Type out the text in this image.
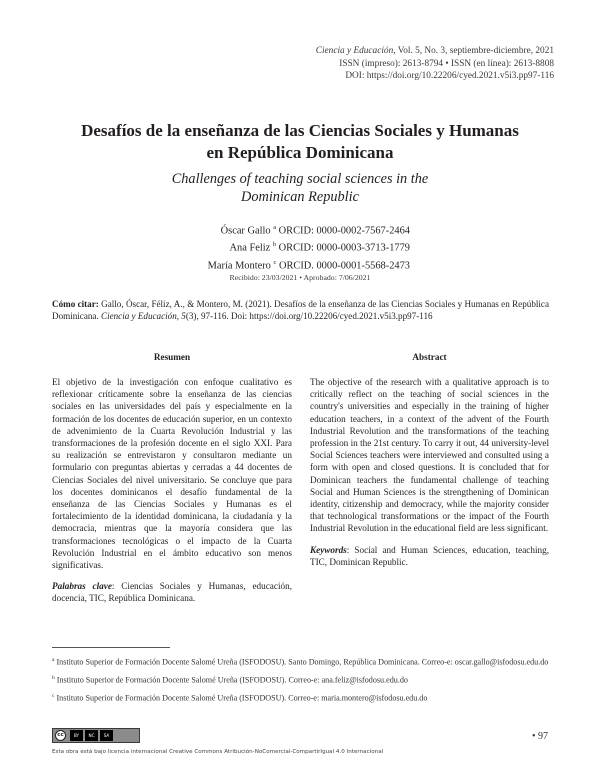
Ciencia y Educación, Vol. 5, No. 3, septiembre-diciembre, 2021
ISSN (impreso): 2613-8794 • ISSN (en línea): 2613-8808
DOI: https://doi.org/10.22206/cyed.2021.v5i3.pp97-116
Desafíos de la enseñanza de las Ciencias Sociales y Humanas
en República Dominicana
Challenges of teaching social sciences in the
Dominican Republic
Óscar Gallo $^a$ ORCID: 0000-0002-7567-2464
Ana Feliz $^b$ ORCID: 0000-0003-3713-1779
María Montero $^c$ ORCID. 0000-0001-5568-2473
Recibido: 23/03/2021 • Aprobado: 7/06/2021
Cómo citar: Gallo, Óscar, Féliz, A., & Montero, M. (2021). Desafíos de la enseñanza de las Ciencias Sociales y Humanas en República Dominicana. Ciencia y Educación, 5(3), 97-116. Doi: https://doi.org/10.22206/cyed.2021.v5i3.pp97-116
Resumen	Abstract

El objetivo de la investigación con enfoque cualitativo es reflexionar críticamente sobre la enseñanza de las ciencias sociales en las universidades del país y especialmente en la formación de los docentes de educación superior, en un contexto de advenimiento de la Cuarta Revolución Industrial y las transformaciones de la profesión docente en el siglo XXI. Para su realización se entrevistaron y consultaron mediante un formulario con preguntas abiertas y cerradas a 44 docentes de Ciencias Sociales del nivel universitario. Se concluye que para los docentes dominicanos el desafío fundamental de la enseñanza de las Ciencias Sociales y Humanas es el fortalecimiento de la identidad dominicana, la ciudadanía y la democracia, mientras que la mayoría considera que las transformaciones tecnológicas o el impacto de la Cuarta Revolución Industrial en el ámbito educativo son menos significativas.

Palabras clave: Ciencias Sociales y Humanas, educación, docencia, TIC, República Dominicana.

The objective of the research with a qualitative approach is to critically reflect on the teaching of social sciences in the country's universities and especially in the training of higher education teachers, in a context of the advent of the Fourth Industrial Revolution and the transformations of the teaching profession in the 21st century. To carry it out, 44 university-level Social Sciences teachers were interviewed and consulted using a form with open and closed questions. It is concluded that for Dominican teachers the fundamental challenge of teaching Social and Human Sciences is the strengthening of Dominican identity, citizenship and democracy, while the majority consider that technological transformations or the impact of the Fourth Industrial Revolution in the educational field are less significant.

Keywords: Social and Human Sciences, education, teaching, TIC, Dominican Republic.

$^a$ Instituto Superior de Formación Docente Salomé Ureña (ISFODOSU). Santo Domingo, República Dominicana. Correo-e: oscar.gallo@isfodosu.edu.do

$^b$ Instituto Superior de Formación Docente Salomé Ureña (ISFODOSU). Correo-e: ana.feliz@isfodosu.edu.do

$^c$ Instituto Superior de Formación Docente Salomé Ureña (ISFODOSU). Correo-e: maria.montero@isfodosu.edu.do

cc	BY	NC	SA
Esta obra está bajo licencia internacional Creative Commons Atribución-NoComercial-CompartirIgual 4.0 Internacional
• 97
